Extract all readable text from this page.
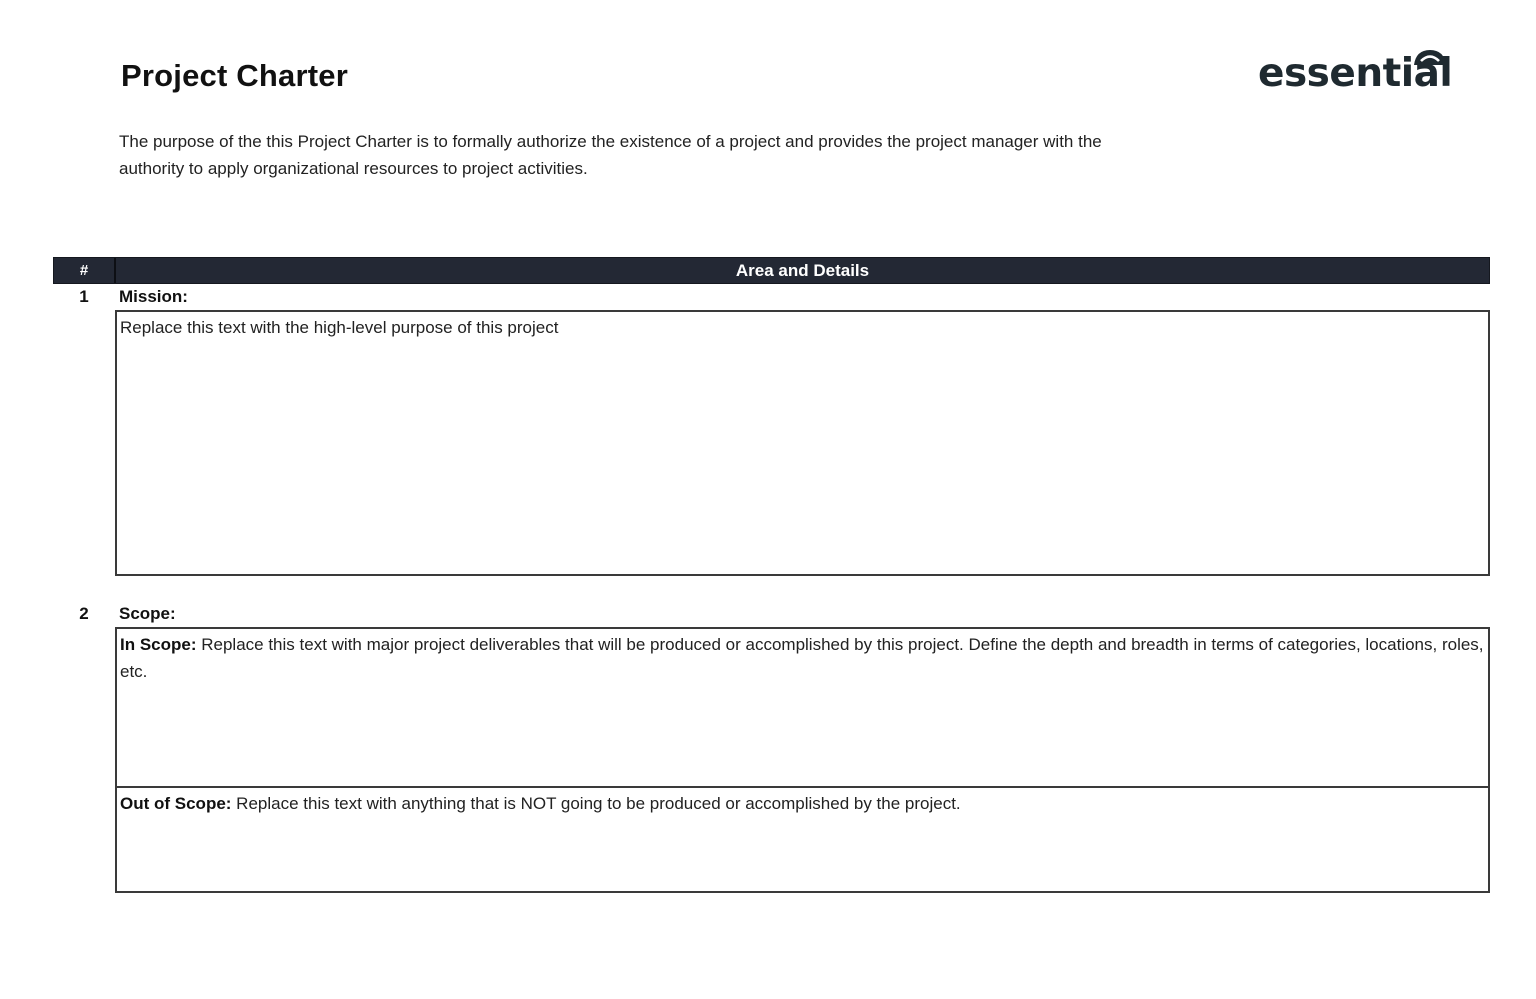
Project Charter	essential
The purpose of the this Project Charter is to formally authorize the existence of a project and provides the project manager with the authority to apply organizational resources to project activities.
#	Area and Details
1	Mission:
Replace this text with the high-level purpose of this project
2	Scope:
In Scope: Replace this text with major project deliverables that will be produced or accomplished by this project. Define the depth and breadth in terms of categories, locations, roles, etc.
Out of Scope: Replace this text with anything that is NOT going to be produced or accomplished by the project.
